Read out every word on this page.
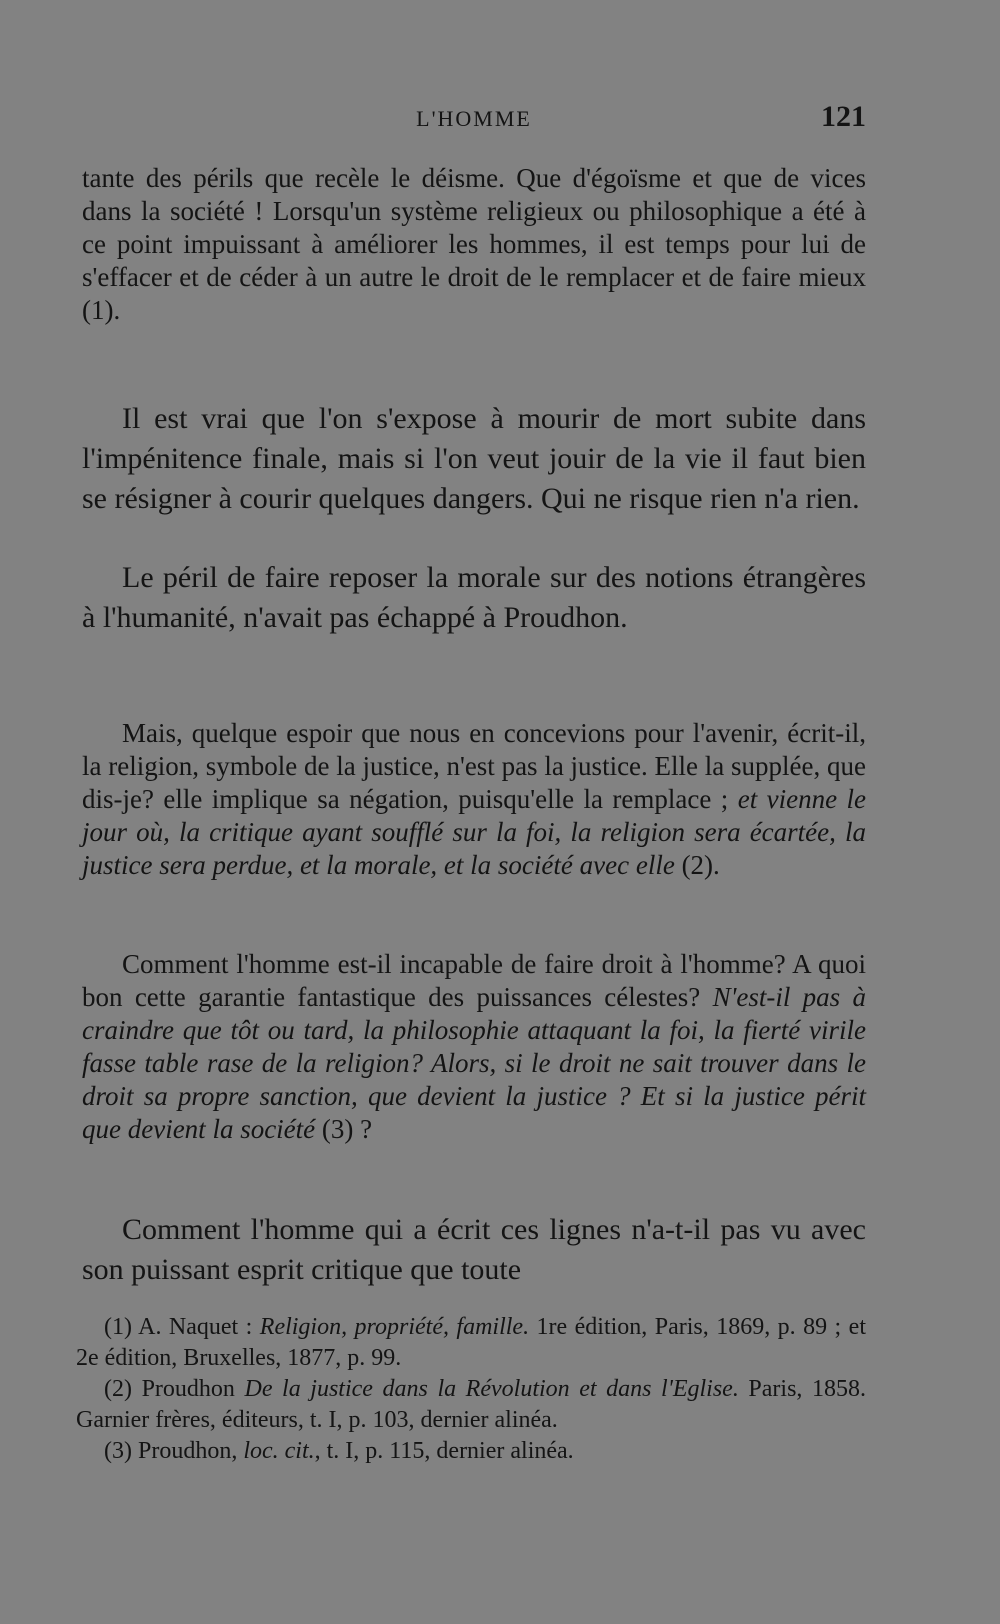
L'HOMME	121

tante des périls que recèle le déisme. Que d'égoïsme et que de vices dans la société ! Lorsqu'un système religieux ou philosophique a été à ce point impuissant à améliorer les hommes, il est temps pour lui de s'effacer et de céder à un autre le droit de le remplacer et de faire mieux (1).

Il est vrai que l'on s'expose à mourir de mort subite dans l'impénitence finale, mais si l'on veut jouir de la vie il faut bien se résigner à courir quelques dangers. Qui ne risque rien n'a rien.

Le péril de faire reposer la morale sur des notions étrangères à l'humanité, n'avait pas échappé à Proudhon.

Mais, quelque espoir que nous en concevions pour l'avenir, écrit-il, la religion, symbole de la justice, n'est pas la justice. Elle la supplée, que dis-je? elle implique sa négation, puisqu'elle la remplace ; et vienne le jour où, la critique ayant soufflé sur la foi, la religion sera écartée, la justice sera perdue, et la morale, et la société avec elle (2).

Comment l'homme est-il incapable de faire droit à l'homme? A quoi bon cette garantie fantastique des puissances célestes? N'est-il pas à craindre que tôt ou tard, la philosophie attaquant la foi, la fierté virile fasse table rase de la religion? Alors, si le droit ne sait trouver dans le droit sa propre sanction, que devient la justice ? Et si la justice périt que devient la société (3) ?

Comment l'homme qui a écrit ces lignes n'a-t-il pas vu avec son puissant esprit critique que toute

(1) A. Naquet : Religion, propriété, famille. 1re édition, Paris, 1869, p. 89 ; et 2e édition, Bruxelles, 1877, p. 99.

(2) Proudhon De la justice dans la Révolution et dans l'Eglise. Paris, 1858. Garnier frères, éditeurs, t. I, p. 103, dernier alinéa.

(3) Proudhon, loc. cit., t. I, p. 115, dernier alinéa.
